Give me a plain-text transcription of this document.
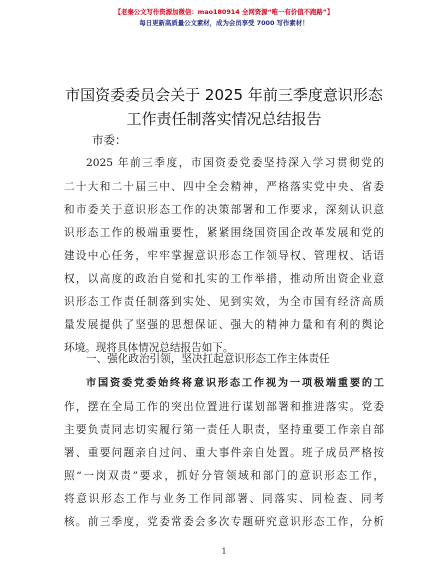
【老秦公文写作资源加微信：mao180914 全网资源“唯一有价值不跑路”】
每日更新高质量公文素材，成为会员享受 7000 写作素材！
市国资委委员会关于 2025 年前三季度意识形态
工作责任制落实情况总结报告
市委：
2025 年前三季度，市国资委党委坚持深入学习贯彻党的
二十大和二十届三中、四中全会精神，严格落实党中央、省委
和市委关于意识形态工作的决策部署和工作要求，深刻认识意
识形态工作的极端重要性，紧紧围绕国资国企改革发展和党的
建设中心任务，牢牢掌握意识形态工作领导权、管理权、话语
权，以高度的政治自觉和扎实的工作举措，推动所出资企业意
识形态工作责任制落到实处、见到实效，为全市国有经济高质
量发展提供了坚强的思想保证、强大的精神力量和有利的舆论
环境。现将具体情况总结报告如下。
一、强化政治引领，坚决扛起意识形态工作主体责任
市国资委党委始终将意识形态工作视为一项极端重要的工
作，摆在全局工作的突出位置进行谋划部署和推进落实。党委
主要负责同志切实履行第一责任人职责，坚持重要工作亲自部
署、重要问题亲自过问、重大事件亲自处置。班子成员严格按
照“一岗双责”要求，抓好分管领域和部门的意识形态工作，
将意识形态工作与业务工作同部署、同落实、同检查、同考
核。前三季度，党委常委会多次专题研究意识形态工作，分析
1
